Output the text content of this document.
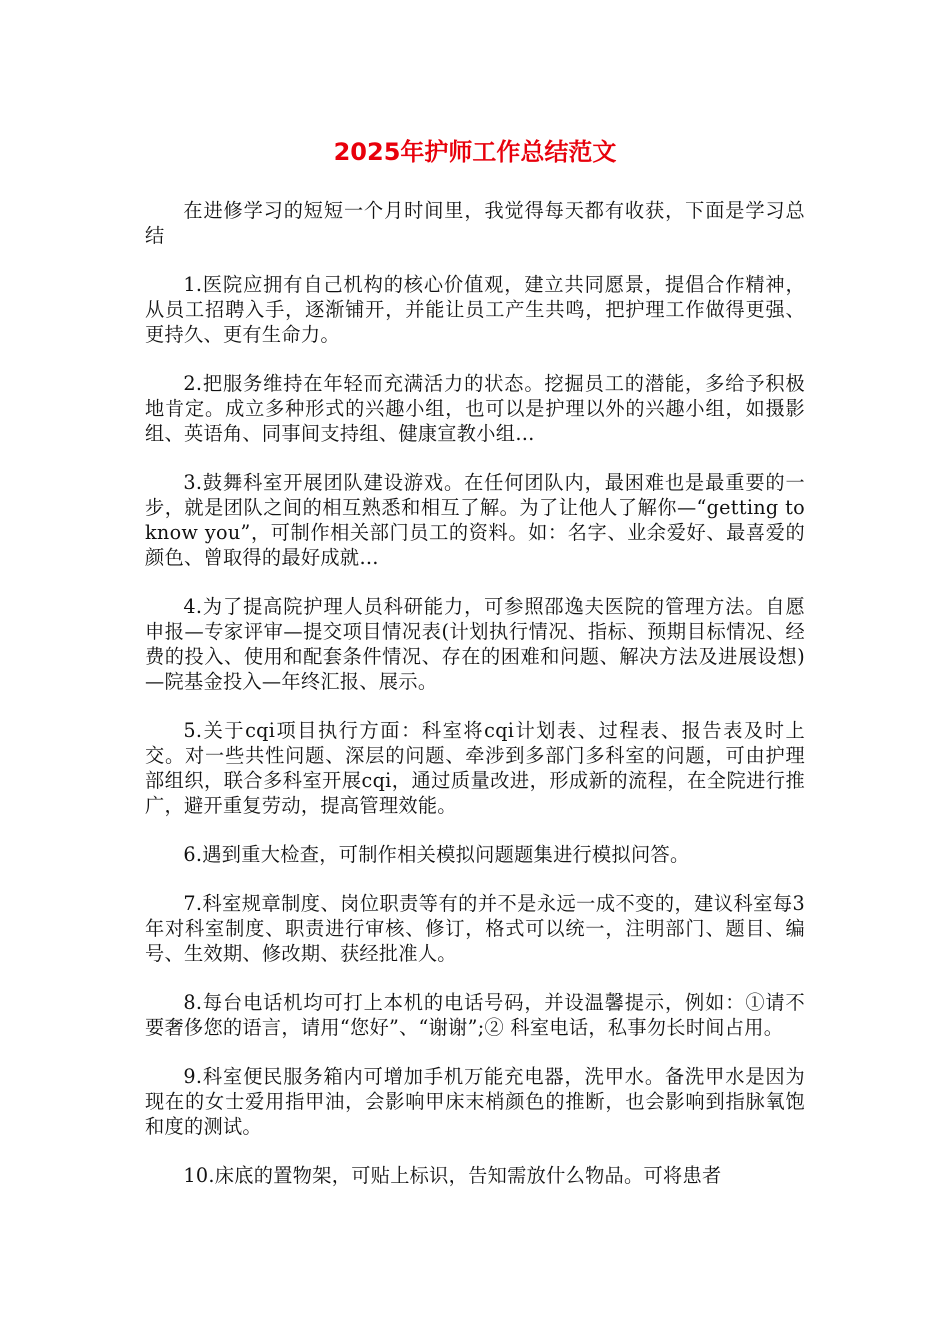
2025年护师工作总结范文

在进修学习的短短一个月时间里，我觉得每天都有收获，下面是学习总结

1.医院应拥有自己机构的核心价值观，建立共同愿景，提倡合作精神，从员工招聘入手，逐渐铺开，并能让员工产生共鸣，把护理工作做得更强、更持久、更有生命力。

2.把服务维持在年轻而充满活力的状态。挖掘员工的潜能，多给予积极地肯定。成立多种形式的兴趣小组，也可以是护理以外的兴趣小组，如摄影组、英语角、同事间支持组、健康宣教小组…

3.鼓舞科室开展团队建设游戏。在任何团队内，最困难也是最重要的一步，就是团队之间的相互熟悉和相互了解。为了让他人了解你—“getting to know you”，可制作相关部门员工的资料。如：名字、业余爱好、最喜爱的颜色、曾取得的最好成就…

4.为了提高院护理人员科研能力，可参照邵逸夫医院的管理方法。自愿申报—专家评审—提交项目情况表(计划执行情况、指标、预期目标情况、经费的投入、使用和配套条件情况、存在的困难和问题、解决方法及进展设想)—院基金投入—年终汇报、展示。

5.关于cqi项目执行方面：科室将cqi计划表、过程表、报告表及时上交。对一些共性问题、深层的问题、牵涉到多部门多科室的问题，可由护理部组织，联合多科室开展cqi，通过质量改进，形成新的流程，在全院进行推广，避开重复劳动，提高管理效能。

6.遇到重大检查，可制作相关模拟问题题集进行模拟问答。

7.科室规章制度、岗位职责等有的并不是永远一成不变的，建议科室每3年对科室制度、职责进行审核、修订，格式可以统一，注明部门、题目、编号、生效期、修改期、获经批准人。

8.每台电话机均可打上本机的电话号码，并设温馨提示，例如：①请不要奢侈您的语言，请用“您好”、“谢谢”;② 科室电话，私事勿长时间占用。

9.科室便民服务箱内可增加手机万能充电器，洗甲水。备洗甲水是因为现在的女士爱用指甲油，会影响甲床末梢颜色的推断，也会影响到指脉氧饱和度的测试。

10.床底的置物架，可贴上标识，告知需放什么物品。可将患者
